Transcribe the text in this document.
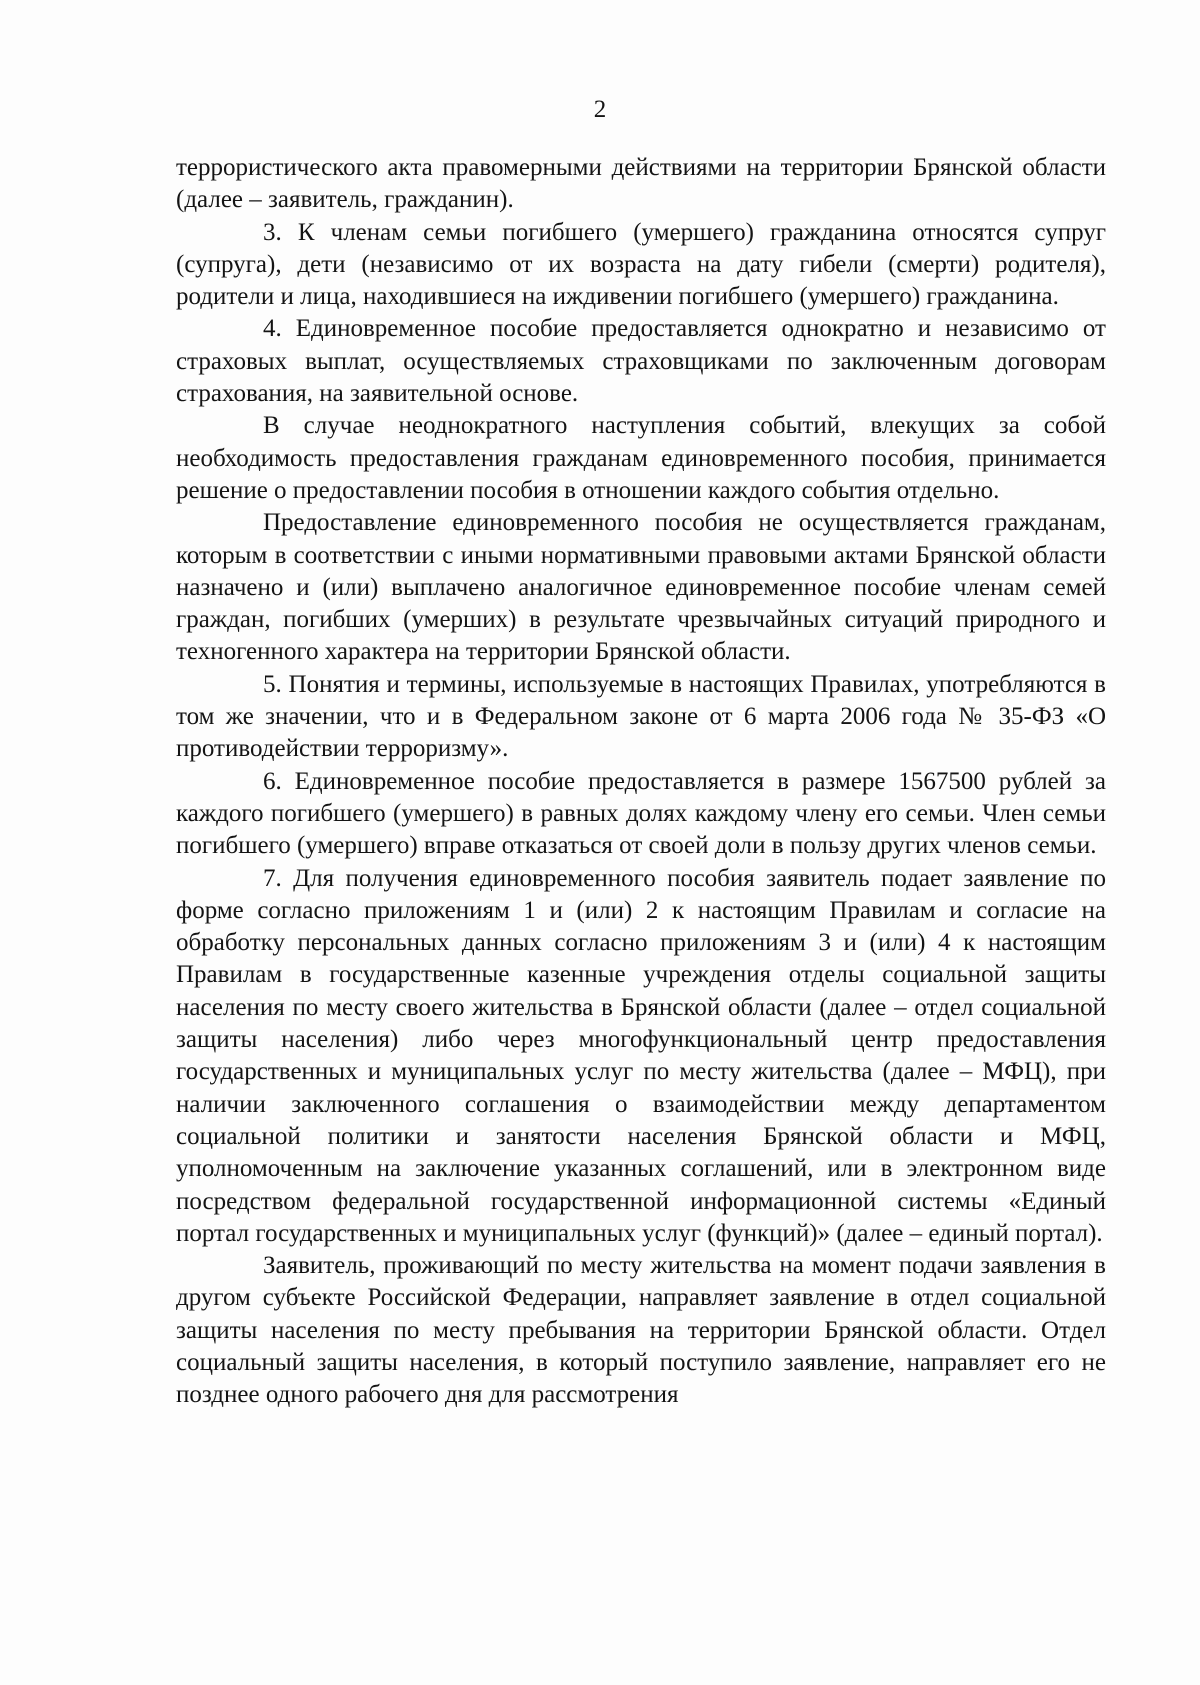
2

террористического акта правомерными действиями на территории Брянской области (далее – заявитель, гражданин).

3. К членам семьи погибшего (умершего) гражданина относятся супруг (супруга), дети (независимо от их возраста на дату гибели (смерти) родителя), родители и лица, находившиеся на иждивении погибшего (умершего) гражданина.

4. Единовременное пособие предоставляется однократно и независимо от страховых выплат, осуществляемых страховщиками по заключенным договорам страхования, на заявительной основе.

В случае неоднократного наступления событий, влекущих за собой необходимость предоставления гражданам единовременного пособия, принимается решение о предоставлении пособия в отношении каждого события отдельно.

Предоставление единовременного пособия не осуществляется гражданам, которым в соответствии с иными нормативными правовыми актами Брянской области назначено и (или) выплачено аналогичное единовременное пособие членам семей граждан, погибших (умерших) в результате чрезвычайных ситуаций природного и техногенного характера на территории Брянской области.

5. Понятия и термины, используемые в настоящих Правилах, употребляются в том же значении, что и в Федеральном законе от 6 марта 2006 года № 35-ФЗ «О противодействии терроризму».

6. Единовременное пособие предоставляется в размере 1567500 рублей за каждого погибшего (умершего) в равных долях каждому члену его семьи. Член семьи погибшего (умершего) вправе отказаться от своей доли в пользу других членов семьи.

7. Для получения единовременного пособия заявитель подает заявление по форме согласно приложениям 1 и (или) 2 к настоящим Правилам и согласие на обработку персональных данных согласно приложениям 3 и (или) 4 к настоящим Правилам в государственные казенные учреждения отделы социальной защиты населения по месту своего жительства в Брянской области (далее – отдел социальной защиты населения) либо через многофункциональный центр предоставления государственных и муниципальных услуг по месту жительства (далее – МФЦ), при наличии заключенного соглашения о взаимодействии между департаментом социальной политики и занятости населения Брянской области и МФЦ, уполномоченным на заключение указанных соглашений, или в электронном виде посредством федеральной государственной информационной системы «Единый портал государственных и муниципальных услуг (функций)» (далее – единый портал).

Заявитель, проживающий по месту жительства на момент подачи заявления в другом субъекте Российской Федерации, направляет заявление в отдел социальной защиты населения по месту пребывания на территории Брянской области. Отдел социальный защиты населения, в который поступило заявление, направляет его не позднее одного рабочего дня для рассмотрения
